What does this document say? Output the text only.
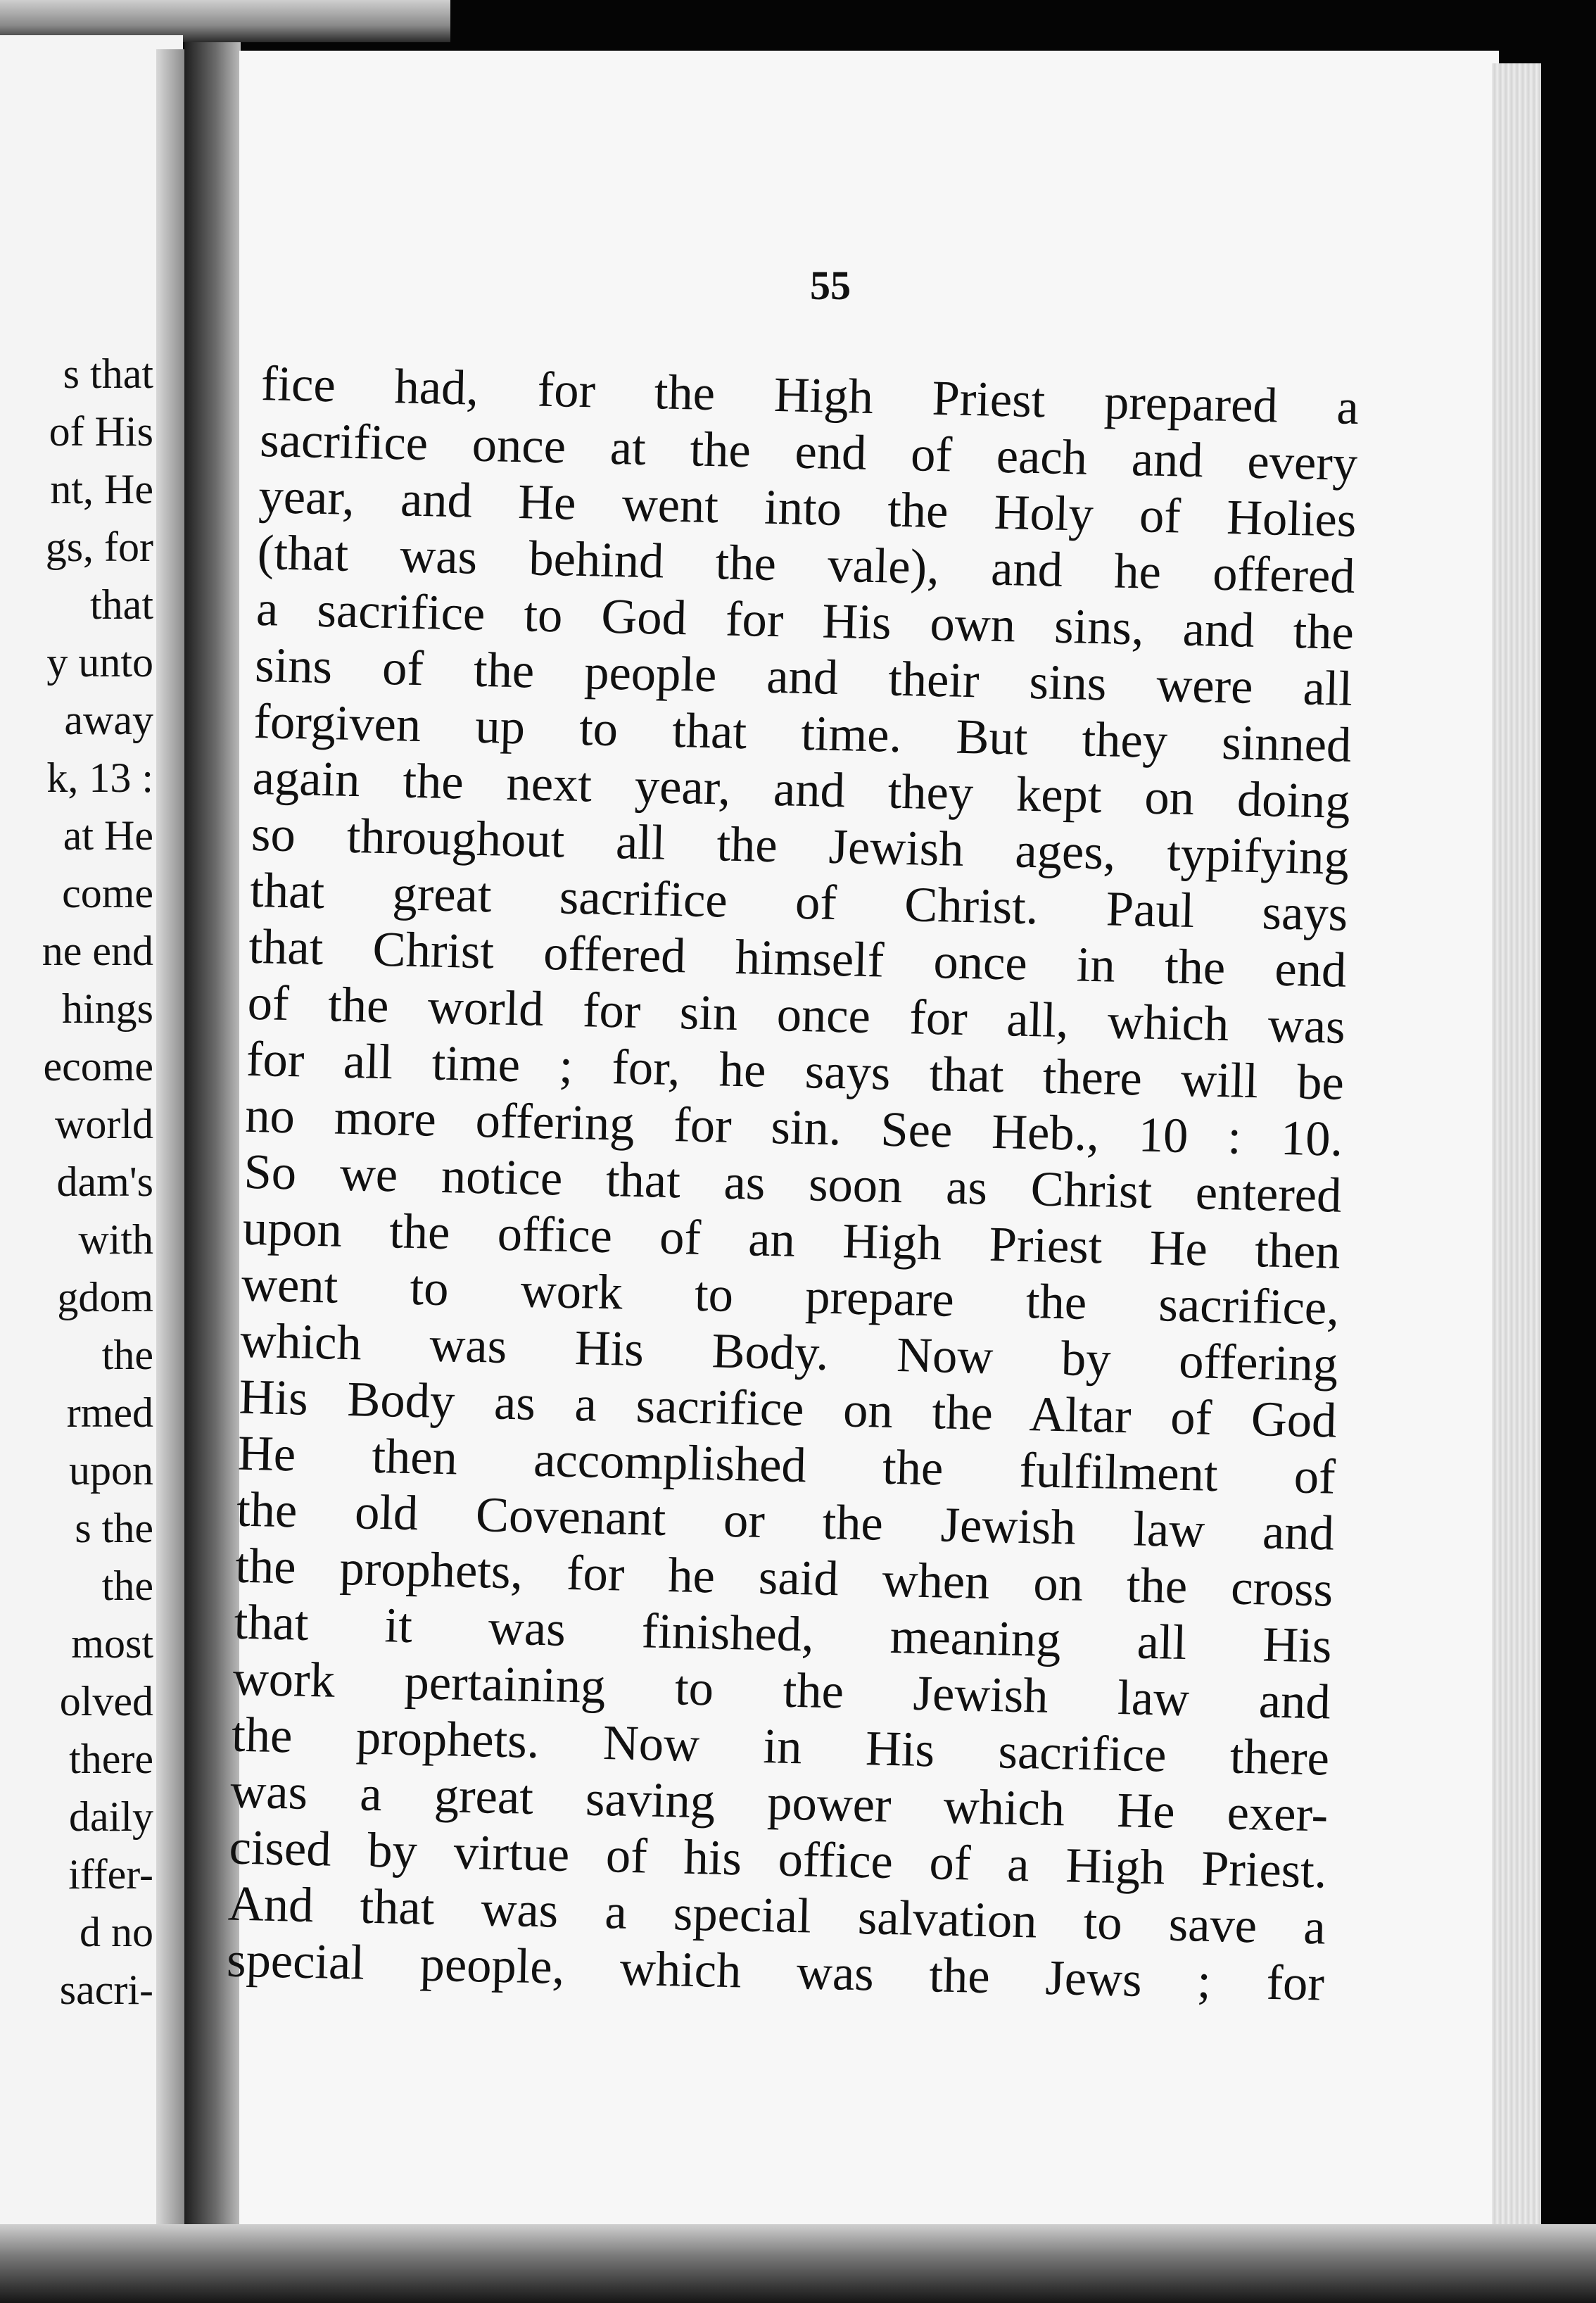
s that
of His
nt, He
gs, for
that
y unto
away
k, 13 :
at He
come
ne end
hings
ecome
world
dam's
with
gdom
the
rmed
upon
s the
the
most
olved
there
daily
iffer-
d no
sacri-
55
fice had, for the High Priest prepared a
sacrifice once at the end of each and every
year, and He went into the Holy of Holies
(that was behind the vale), and he offered
a sacrifice to God for His own sins, and the
sins of the people and their sins were all
forgiven up to that time. But they sinned
again the next year, and they kept on doing
so throughout all the Jewish ages, typifying
that great sacrifice of Christ. Paul says
that Christ offered himself once in the end
of the world for sin once for all, which was
for all time ; for, he says that there will be
no more offering for sin. See Heb., 10 : 10.
So we notice that as soon as Christ entered
upon the office of an High Priest He then
went to work to prepare the sacrifice,
which was His Body. Now by offering
His Body as a sacrifice on the Altar of God
He then accomplished the fulfilment of
the old Covenant or the Jewish law and
the prophets, for he said when on the cross
that it was finished, meaning all His
work pertaining to the Jewish law and
the prophets. Now in His sacrifice there
was a great saving power which He exer-
cised by virtue of his office of a High Priest.
And that was a special salvation to save a
special people, which was the Jews ; for
